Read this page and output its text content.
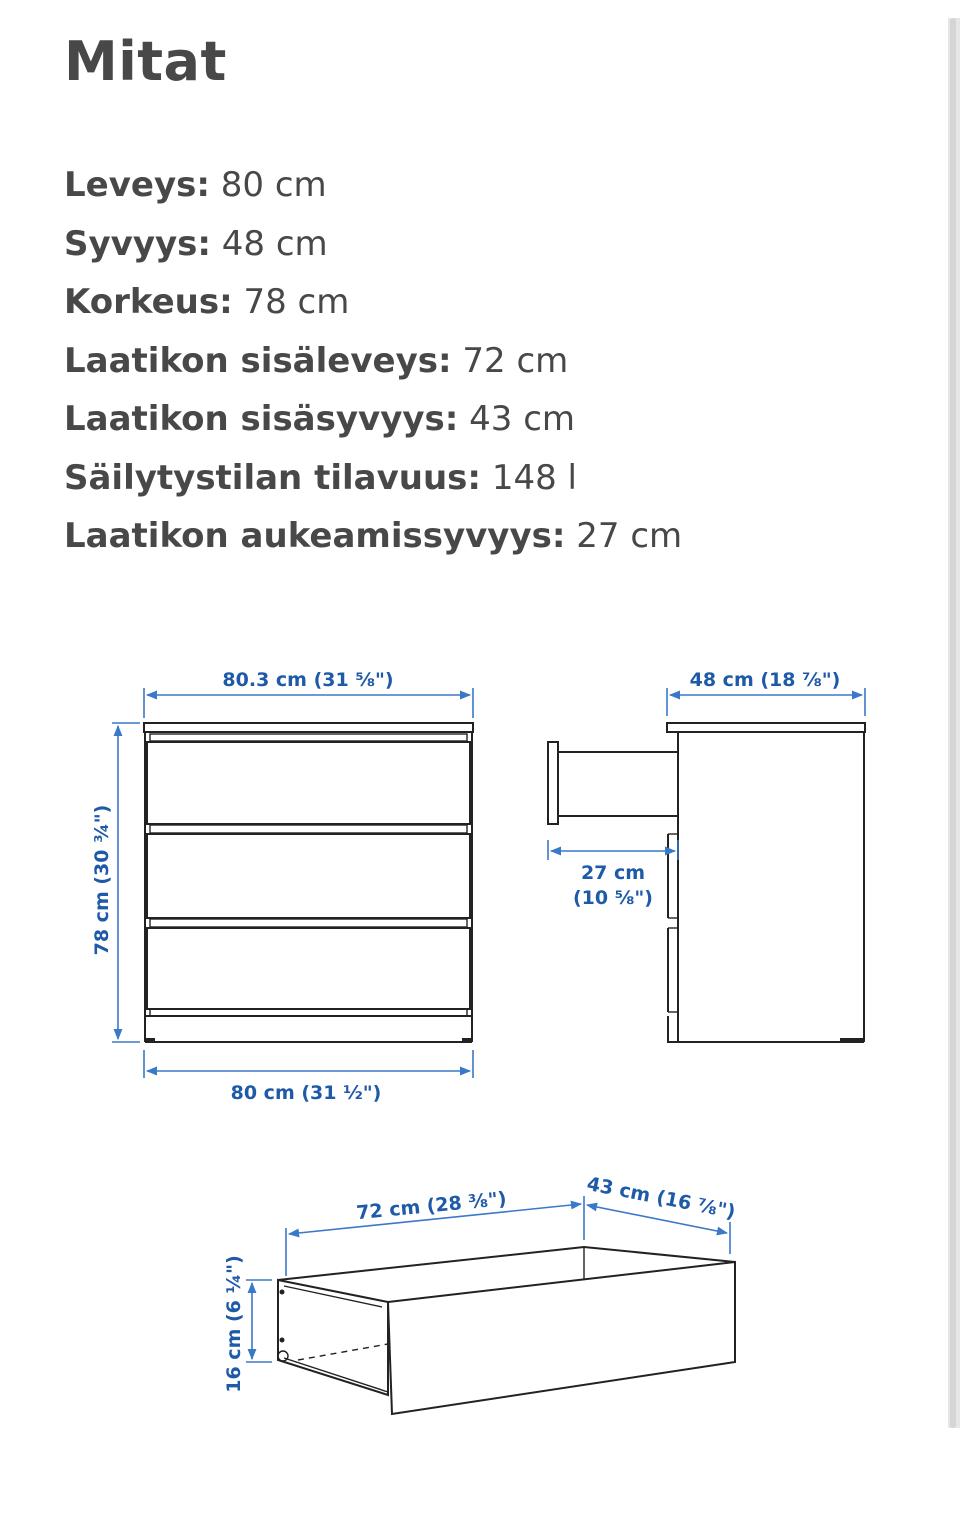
Mitat
Leveys: 80 cm
Syvyys: 48 cm
Korkeus: 78 cm
Laatikon sisäleveys: 72 cm
Laatikon sisäsyvyys: 43 cm
Säilytystilan tilavuus: 148 l
Laatikon aukeamissyvyys: 27 cm
80.3 cm (31 ⅝")
78 cm (30 ¾")
80 cm (31 ½")
48 cm (18 ⅞")
27 cm
(10 ⅝")
72 cm (28 ⅜")	43 cm (16 ⅞")
16 cm (6 ¼")
